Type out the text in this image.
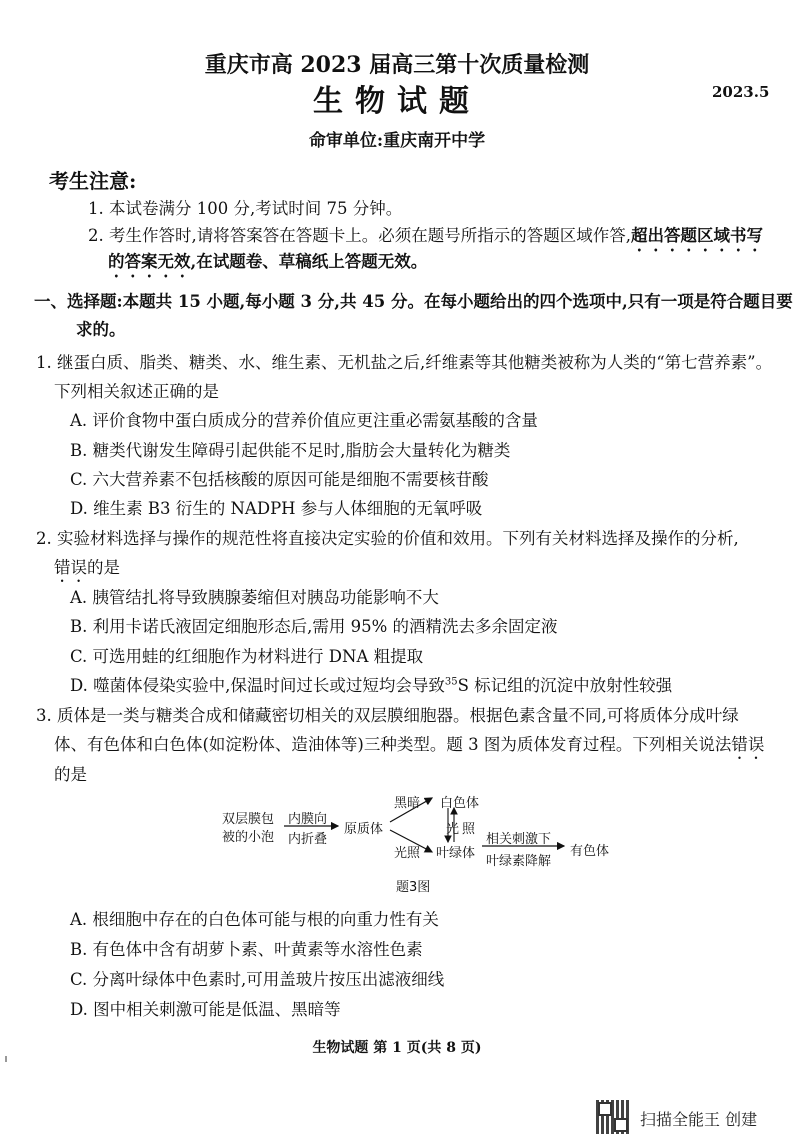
重庆市高 2023 届高三第十次质量检测
生物试题	2023.5
命审单位:重庆南开中学
考生注意:
1. 本试卷满分 100 分,考试时间 75 分钟。
2. 考生作答时,请将答案答在答题卡上。必须在题号所指示的答题区域作答,超出答题区域书写
的答案无效,在试题卷、草稿纸上答题无效。
一、选择题:本题共 15 小题,每小题 3 分,共 45 分。在每小题给出的四个选项中,只有一项是符合题目要
求的。
1. 继蛋白质、脂类、糖类、水、维生素、无机盐之后,纤维素等其他糖类被称为人类的“第七营养素”。
下列相关叙述正确的是
A. 评价食物中蛋白质成分的营养价值应更注重必需氨基酸的含量
B. 糖类代谢发生障碍引起供能不足时,脂肪会大量转化为糖类
C. 六大营养素不包括核酸的原因可能是细胞不需要核苷酸
D. 维生素 B3 衍生的 NADPH 参与人体细胞的无氧呼吸
2. 实验材料选择与操作的规范性将直接决定实验的价值和效用。下列有关材料选择及操作的分析,
错误的是
A. 胰管结扎将导致胰腺萎缩但对胰岛功能影响不大
B. 利用卡诺氏液固定细胞形态后,需用 95% 的酒精洗去多余固定液
C. 可选用蛙的红细胞作为材料进行 DNA 粗提取
D. 噬菌体侵染实验中,保温时间过长或过短均会导致$^{35}$S 标记组的沉淀中放射性较强
3. 质体是一类与糖类合成和储藏密切相关的双层膜细胞器。根据色素含量不同,可将质体分成叶绿
体、有色体和白色体(如淀粉体、造油体等)三种类型。题 3 图为质体发育过程。下列相关说法错误
的是
双层膜包
被的小泡
内膜向
内折叠
原质体
黑暗 白色体
光 照
光照 叶绿体
相关刺激下
叶绿素降解
有色体
题3图
A. 根细胞中存在的白色体可能与根的向重力性有关
B. 有色体中含有胡萝卜素、叶黄素等水溶性色素
C. 分离叶绿体中色素时,可用盖玻片按压出滤液细线
D. 图中相关刺激可能是低温、黑暗等
生物试题 第 1 页(共 8 页)
扫描全能王 创建
